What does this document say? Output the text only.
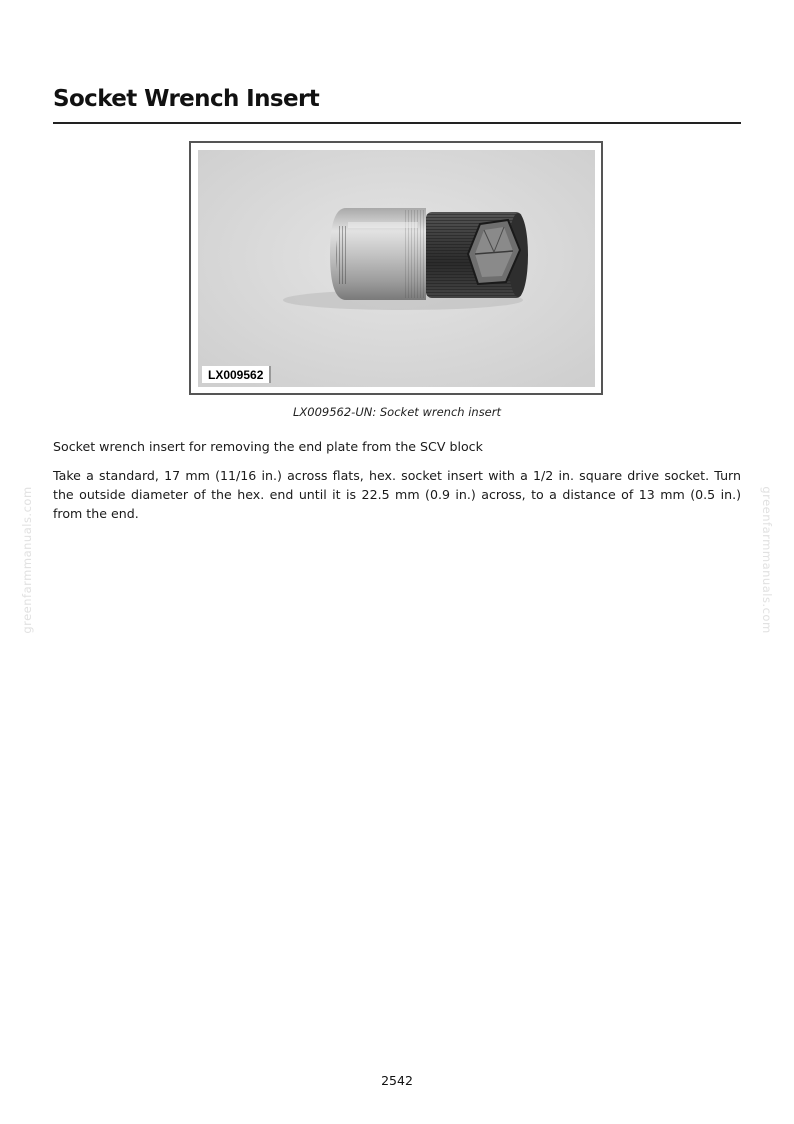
Socket Wrench Insert
LX009562
LX009562-UN: Socket wrench insert
Socket wrench insert for removing the end plate from the SCV block
Take a standard, 17 mm (11/16 in.) across flats, hex. socket insert with a 1/2 in. square drive socket. Turn the outside diameter of the hex. end until it is 22.5 mm (0.9 in.) across, to a distance of 13 mm (0.5 in.) from the end.
greenfarmmanuals.com	greenfarmmanuals.com
2542
